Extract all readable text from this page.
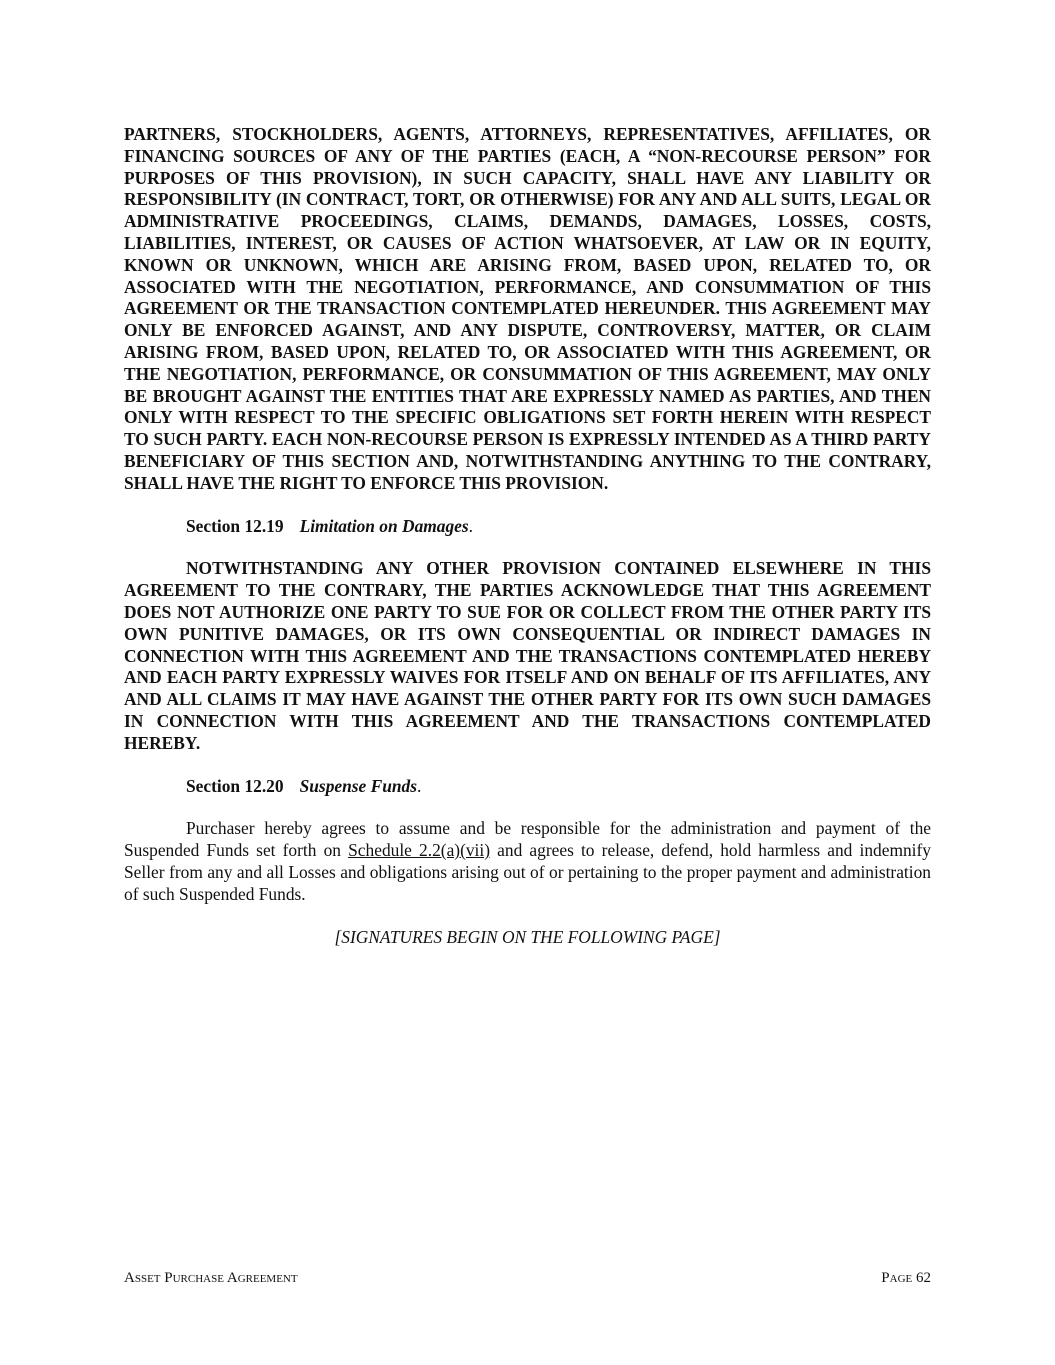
PARTNERS, STOCKHOLDERS, AGENTS, ATTORNEYS, REPRESENTATIVES, AFFILIATES, OR FINANCING SOURCES OF ANY OF THE PARTIES (EACH, A “NON-RECOURSE PERSON” FOR PURPOSES OF THIS PROVISION), IN SUCH CAPACITY, SHALL HAVE ANY LIABILITY OR RESPONSIBILITY (IN CONTRACT, TORT, OR OTHERWISE) FOR ANY AND ALL SUITS, LEGAL OR ADMINISTRATIVE PROCEEDINGS, CLAIMS, DEMANDS, DAMAGES, LOSSES, COSTS, LIABILITIES, INTEREST, OR CAUSES OF ACTION WHATSOEVER, AT LAW OR IN EQUITY, KNOWN OR UNKNOWN, WHICH ARE ARISING FROM, BASED UPON, RELATED TO, OR ASSOCIATED WITH THE NEGOTIATION, PERFORMANCE, AND CONSUMMATION OF THIS AGREEMENT OR THE TRANSACTION CONTEMPLATED HEREUNDER. THIS AGREEMENT MAY ONLY BE ENFORCED AGAINST, AND ANY DISPUTE, CONTROVERSY, MATTER, OR CLAIM ARISING FROM, BASED UPON, RELATED TO, OR ASSOCIATED WITH THIS AGREEMENT, OR THE NEGOTIATION, PERFORMANCE, OR CONSUMMATION OF THIS AGREEMENT, MAY ONLY BE BROUGHT AGAINST THE ENTITIES THAT ARE EXPRESSLY NAMED AS PARTIES, AND THEN ONLY WITH RESPECT TO THE SPECIFIC OBLIGATIONS SET FORTH HEREIN WITH RESPECT TO SUCH PARTY. EACH NON-RECOURSE PERSON IS EXPRESSLY INTENDED AS A THIRD PARTY BENEFICIARY OF THIS SECTION AND, NOTWITHSTANDING ANYTHING TO THE CONTRARY, SHALL HAVE THE RIGHT TO ENFORCE THIS PROVISION.

Section 12.19 Limitation on Damages.

NOTWITHSTANDING ANY OTHER PROVISION CONTAINED ELSEWHERE IN THIS AGREEMENT TO THE CONTRARY, THE PARTIES ACKNOWLEDGE THAT THIS AGREEMENT DOES NOT AUTHORIZE ONE PARTY TO SUE FOR OR COLLECT FROM THE OTHER PARTY ITS OWN PUNITIVE DAMAGES, OR ITS OWN CONSEQUENTIAL OR INDIRECT DAMAGES IN CONNECTION WITH THIS AGREEMENT AND THE TRANSACTIONS CONTEMPLATED HEREBY AND EACH PARTY EXPRESSLY WAIVES FOR ITSELF AND ON BEHALF OF ITS AFFILIATES, ANY AND ALL CLAIMS IT MAY HAVE AGAINST THE OTHER PARTY FOR ITS OWN SUCH DAMAGES IN CONNECTION WITH THIS AGREEMENT AND THE TRANSACTIONS CONTEMPLATED HEREBY.

Section 12.20 Suspense Funds.

Purchaser hereby agrees to assume and be responsible for the administration and payment of the Suspended Funds set forth on Schedule 2.2(a)(vii) and agrees to release, defend, hold harmless and indemnify Seller from any and all Losses and obligations arising out of or pertaining to the proper payment and administration of such Suspended Funds.

[SIGNATURES BEGIN ON THE FOLLOWING PAGE]

Asset Purchase Agreement	Page 62
